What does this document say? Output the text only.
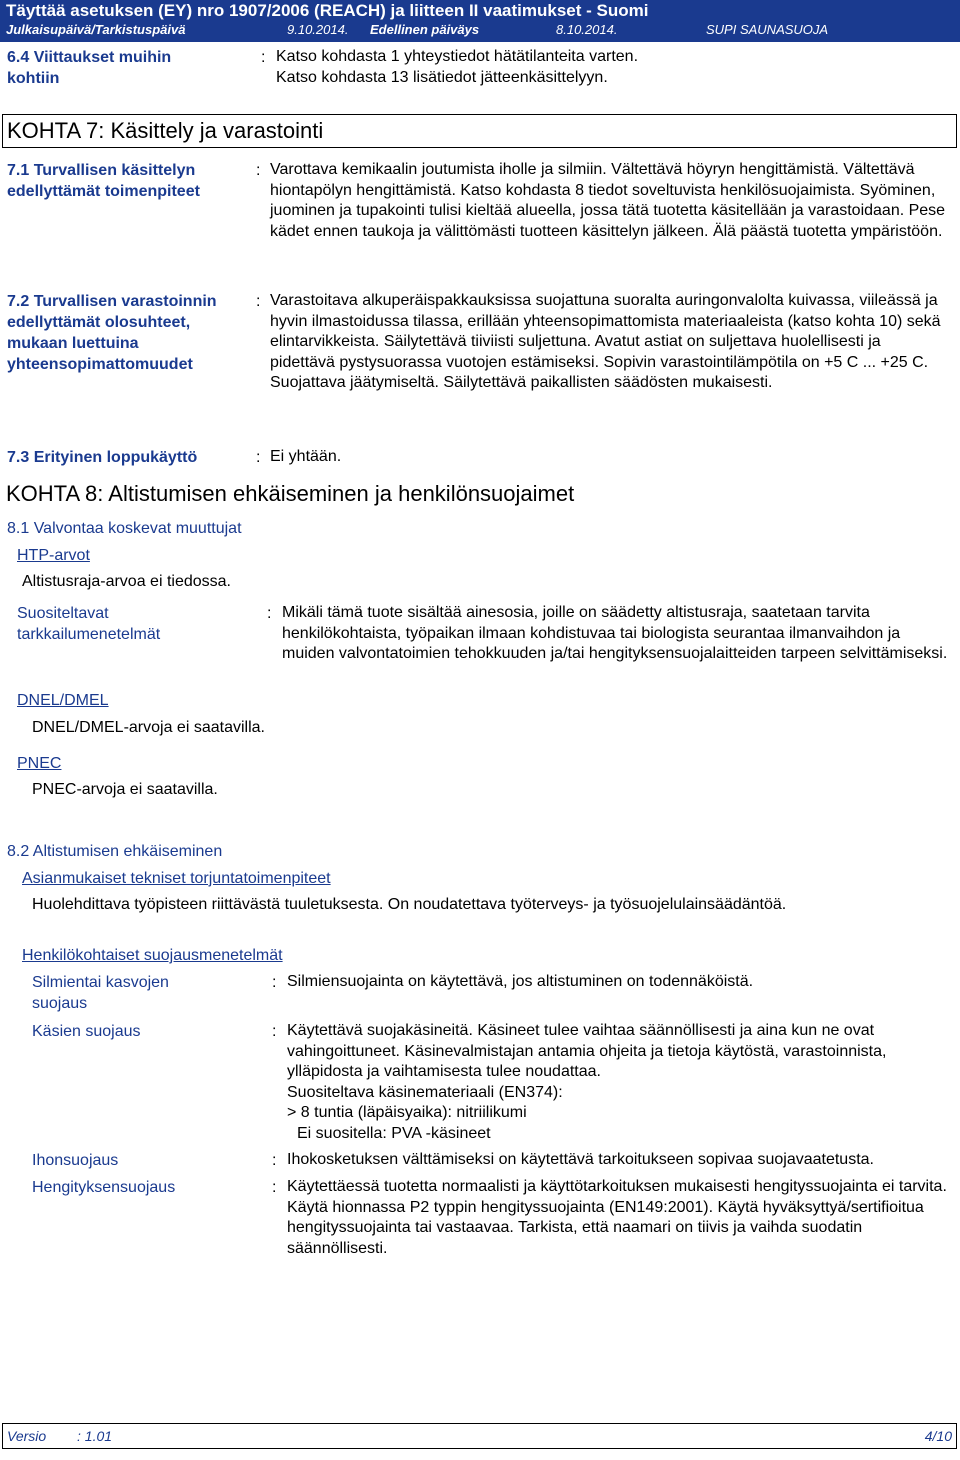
Täyttää asetuksen (EY) nro 1907/2006 (REACH) ja liitteen II vaatimukset - Suomi
Julkaisupäivä/Tarkistuspäivä	9.10.2014. Edellinen päiväys	8.10.2014.	SUPI SAUNASUOJA
6.4 Viittaukset muihin kohtiin
: Katso kohdasta 1 yhteystiedot hätätilanteita varten.
Katso kohdasta 13 lisätiedot jätteenkäsittelyyn.
KOHTA 7: Käsittely ja varastointi
7.1 Turvallisen käsittelyn edellyttämät toimenpiteet
: Varottava kemikaalin joutumista iholle ja silmiin. Vältettävä höyryn hengittämistä. Vältettävä hiontapölyn hengittämistä. Katso kohdasta 8 tiedot soveltuvista henkilösuojaimista. Syöminen, juominen ja tupakointi tulisi kieltää alueella, jossa tätä tuotetta käsitellään ja varastoidaan. Pese kädet ennen taukoja ja välittömästi tuotteen käsittelyn jälkeen. Älä päästä tuotetta ympäristöön.
7.2 Turvallisen varastoinnin edellyttämät olosuhteet, mukaan luettuina yhteensopimattomuudet
: Varastoitava alkuperäispakkauksissa suojattuna suoralta auringonvalolta kuivassa, viileässä ja hyvin ilmastoidussa tilassa, erillään yhteensopimattomista materiaaleista (katso kohta 10) sekä elintarvikkeista. Säilytettävä tiiviisti suljettuna. Avatut astiat on suljettava huolellisesti ja pidettävä pystysuorassa vuotojen estämiseksi. Sopivin varastointilämpötila on +5 C ... +25 C. Suojattava jäätymiseltä. Säilytettävä paikallisten säädösten mukaisesti.
7.3 Erityinen loppukäyttö	: Ei yhtään.
KOHTA 8: Altistumisen ehkäiseminen ja henkilönsuojaimet
8.1 Valvontaa koskevat muuttujat
HTP-arvot
Altistusraja-arvoa ei tiedossa.
Suositeltavat tarkkailumenetelmät
: Mikäli tämä tuote sisältää ainesosia, joille on säädetty altistusraja, saatetaan tarvita henkilökohtaista, työpaikan ilmaan kohdistuvaa tai biologista seurantaa ilmanvaihdon ja muiden valvontatoimien tehokkuuden ja/tai hengityksensuojalaitteiden tarpeen selvittämiseksi.
DNEL/DMEL
DNEL/DMEL-arvoja ei saatavilla.
PNEC
PNEC-arvoja ei saatavilla.
8.2 Altistumisen ehkäiseminen
Asianmukaiset tekniset torjuntatoimenpiteet
Huolehdittava työpisteen riittävästä tuuletuksesta. On noudatettava työterveys- ja työsuojelulainsäädäntöä.
Henkilökohtaiset suojausmenetelmät
Silmientai kasvojen suojaus
: Silmiensuojainta on käytettävä, jos altistuminen on todennäköistä.
Käsien suojaus	: Käytettävä suojakäsineitä. Käsineet tulee vaihtaa säännöllisesti ja aina kun ne ovat vahingoittuneet. Käsinevalmistajan antamia ohjeita ja tietoja käytöstä, varastoinnista, ylläpidosta ja vaihtamisesta tulee noudattaa.
Suositeltava käsinemateriaali (EN374):
> 8 tuntia (läpäisyaika): nitriilikumi
Ei suositella: PVA -käsineet
Ihonsuojaus	: Ihokosketuksen välttämiseksi on käytettävä tarkoitukseen sopivaa suojavaatetusta.
Hengityksensuojaus	: Käytettäessä tuotetta normaalisti ja käyttötarkoituksen mukaisesti hengityssuojainta ei tarvita. Käytä hionnassa P2 typpin hengityssuojainta (EN149:2001). Käytä hyväksyttyä/sertifioitua hengityssuojainta tai vastaavaa. Tarkista, että naamari on tiivis ja vaihda suodatin säännöllisesti.
Versio : 1.01	4/10
